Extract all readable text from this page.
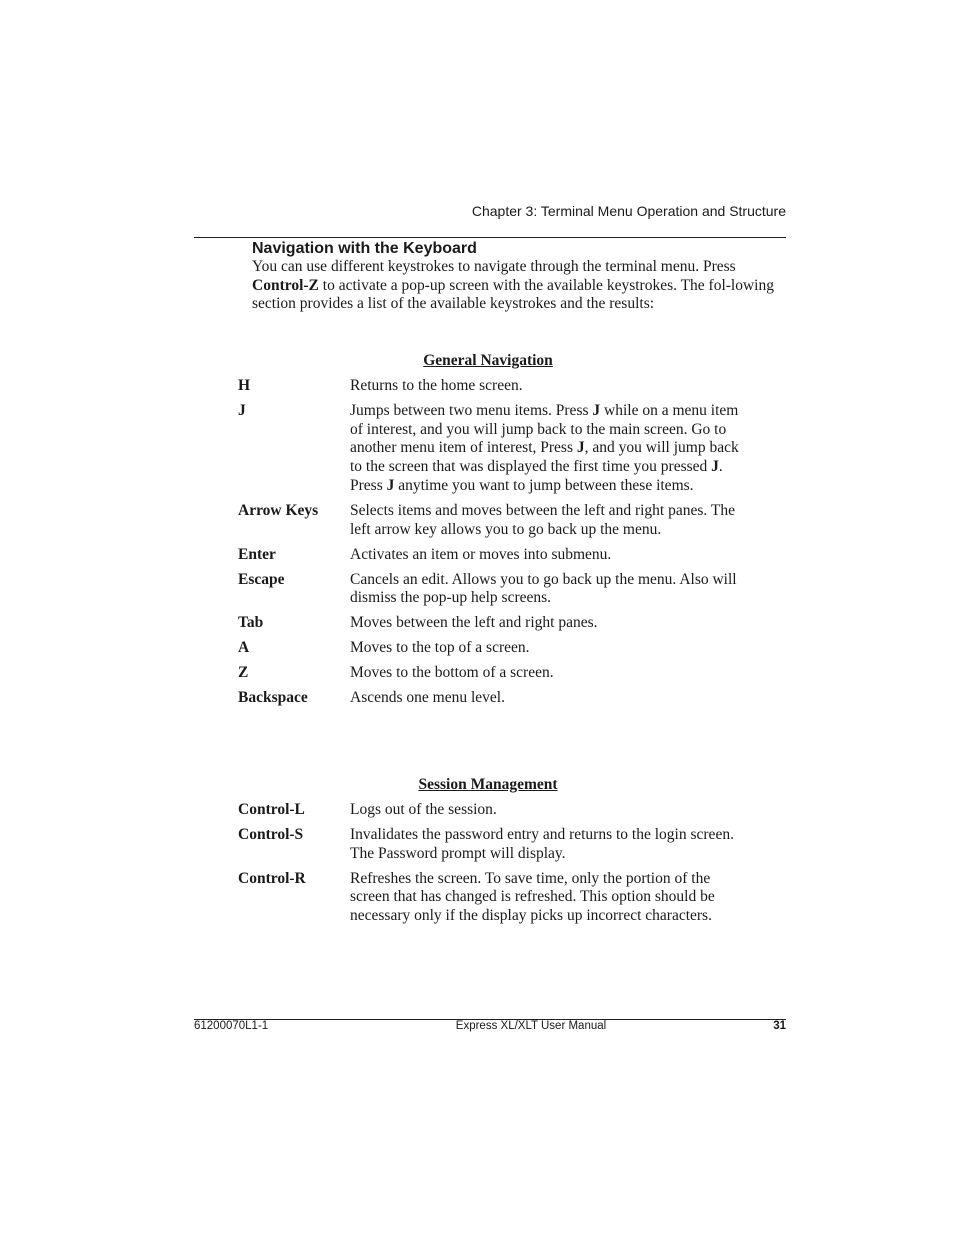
Chapter 3: Terminal Menu Operation and Structure
Navigation with the Keyboard
You can use different keystrokes to navigate through the terminal menu. Press Control-Z to activate a pop-up screen with the available keystrokes. The fol-lowing section provides a list of the available keystrokes and the results:
General Navigation
H	Returns to the home screen.
J	Jumps between two menu items. Press J while on a menu item of interest, and you will jump back to the main screen. Go to another menu item of interest, Press J, and you will jump back to the screen that was displayed the first time you pressed J. Press J anytime you want to jump between these items.
Arrow Keys	Selects items and moves between the left and right panes. The left arrow key allows you to go back up the menu.
Enter	Activates an item or moves into submenu.
Escape	Cancels an edit. Allows you to go back up the menu. Also will dismiss the pop-up help screens.
Tab	Moves between the left and right panes.
A	Moves to the top of a screen.
Z	Moves to the bottom of a screen.
Backspace	Ascends one menu level.
Session Management
Control-L	Logs out of the session.
Control-S	Invalidates the password entry and returns to the login screen. The Password prompt will display.
Control-R	Refreshes the screen. To save time, only the portion of the screen that has changed is refreshed. This option should be necessary only if the display picks up incorrect characters.
61200070L1-1	Express XL/XLT User Manual	31
